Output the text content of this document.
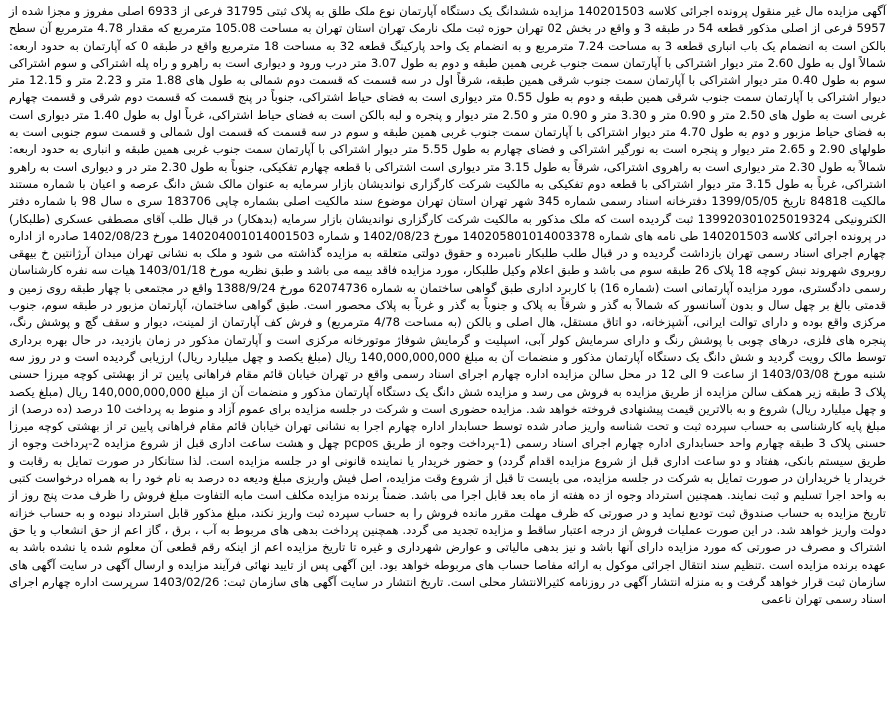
آگهی مزایده مال غیر منقول پرونده اجرائی کلاسه 140201503 مزایده ششدانگ یک دستگاه آپارتمان نوع ملک طلق به پلاک ثبتی 31795 فرعی از 6933 اصلی مفروز و مجزا شده از 5957 فرعی از اصلی مذکور قطعه 54 در طبقه 3 و واقع در بخش 02 تهران حوزه ثبت ملک نارمک تهران استان تهران به مساحت 105.08 مترمربع که مقدار 4.78 مترمربع آن سطح بالکن است به انضمام یک باب انباری قطعه 3 به مساحت 7.24 مترمربع و به انضمام یک واحد پارکینگ قطعه 32 به مساحت 18 مترمربع واقع در طبقه 0 که آپارتمان به حدود اربعه: شمالاً اول به طول 2.60 متر دیوار اشتراکی با آپارتمان سمت جنوب غربی همین طبقه و دوم به طول 3.07 متر درب ورود و دیواری است به راهرو و راه پله اشتراکی و سوم اشتراکی سوم به طول 0.40 متر دیوار اشتراکی با آپارتمان سمت جنوب شرقی همین طبقه، شرقاً اول در سه قسمت که قسمت دوم شمالی به طول های 1.88 متر و 2.23 متر و 12.15 متر دیوار اشتراکی با آپارتمان سمت جنوب شرقی همین طبقه و دوم به طول 0.55 متر دیواری است به فضای حیاط اشتراکی، جنوباً در پنج قسمت که قسمت دوم شرقی و قسمت چهارم غربی است به طول های 2.50 متر و 0.90 متر و 3.30 متر و 0.90 متر و 2.50 متر دیوار و پنجره و لبه بالکن است به فضای حیاط اشتراکی، غرباً اول به طول 1.40 متر دیواری است به فضای حیاط مزبور و دوم به طول 4.70 متر دیوار اشتراکی با آپارتمان سمت جنوب غربی همین طبقه و سوم در سه قسمت که قسمت اول شمالی و قسمت سوم جنوبی است به طولهای 2.90 و 2.65 متر دیوار و پنجره است به نورگیر اشتراکی و فضای چهارم به طول 5.55 متر دیوار اشتراکی با آپارتمان سمت جنوب غربی همین طبقه و انباری به حدود اربعه: شمالاً به طول 2.30 متر دیواری است به راهروی اشتراکی، شرقاً به طول 3.15 متر دیواری است اشتراکی با قطعه چهارم تفکیکی، جنوباً به طول 2.30 متر در و دیواری است به راهرو اشتراکی، غرباً به طول 3.15 متر دیوار اشتراکی با قطعه دوم تفکیکی به مالکیت شرکت کارگزاری نواندیشان بازار سرمایه به عنوان مالک شش دانگ عرصه و اعیان با شماره مستند مالکیت 84818 تاریخ 1399/05/05 دفترخانه اسناد رسمی شماره 345 شهر تهران استان تهران موضوع سند مالکیت اصلی بشماره چاپی 183706 سری ه سال 98 با شماره دفتر الکترونیکی 139920301025019324 ثبت گردیده است که ملک مذکور به مالکیت شرکت کارگزاری نواندیشان بازار سرمایه (بدهکار) در قبال طلب آقای مصطفی عسکری (طلبکار) در پرونده اجرائی کلاسه 140201503 طی نامه های شماره 140205801014003378 مورخ 1402/08/23 و شماره 140204001014001503 مورخ 1402/08/23 صادره از اداره چهارم اجرای اسناد رسمی تهران بازداشت گردیده و در قبال طلب طلبکار نامبرده و حقوق دولتی متعلقه به مزایده گذاشته می شود و ملک به نشانی تهران میدان آرژانتین خ بیهقی روبروی شهروند نبش کوچه 18 پلاک 26 طبقه سوم می باشد و طبق اعلام وکیل طلبکار، مورد مزایده فاقد بیمه می باشد و طبق نظریه مورخ 1403/01/18 هیات سه نفره کارشناسان رسمی دادگستری، مورد مزایده آپارتمانی است (شماره 16) با کاربرد اداری طبق گواهی ساختمان به شماره 62074736 مورخ 1388/9/24 واقع در مجتمعی با چهار طبقه روی زمین و قدمتی بالغ بر چهل سال و بدون آسانسور که شمالاً به گذر و شرقاً به پلاک و جنوباً به گذر و غرباً به پلاک محصور است. طبق گواهی ساختمان، آپارتمان مزبور در طبقه سوم، جنوب مرکزی واقع بوده و دارای توالت ایرانی، آشپزخانه، دو اتاق مستقل، هال اصلی و بالکن (به مساحت 4/78 مترمربع) و فرش کف آپارتمان از لمینت، دیوار و سقف گچ و پوشش رنگ، پنجره های فلزی، درهای چوبی با پوشش رنگ و دارای سرمایش کولر آبی، اسپلیت و گرمایش شوفاژ موتورخانه مرکزی است و آپارتمان مذکور در زمان بازدید، در حال بهره برداری توسط مالک رویت گردید و شش دانگ یک دستگاه آپارتمان مذکور و منضمات آن به مبلغ 140,000,000,000 ریال (مبلغ یکصد و چهل میلیارد ریال) ارزیابی گردیده است و در روز سه شنبه مورخ 1403/03/08 از ساعت 9 الی 12 در محل سالن مزایده اداره چهارم اجرای اسناد رسمی واقع در تهران خیابان قائم مقام فراهانی پایین تر از بهشتی کوچه میرزا حسنی پلاک 3 طبقه زیر همکف سالن مزایده از طریق مزایده به فروش می رسد و مزایده شش دانگ یک دستگاه آپارتمان مذکور و منضمات آن از مبلغ 140,000,000,000 ریال (مبلغ یکصد و چهل میلیارد ریال) شروع و به بالاترین قیمت پیشنهادی فروخته خواهد شد. مزایده حضوری است و شرکت در جلسه مزایده برای عموم آزاد و منوط به پرداخت 10 درصد (ده درصد) از مبلغ پایه کارشناسی به حساب سپرده ثبت و تحت شناسه واریز صادر شده توسط حسابدار اداره چهارم اجرا به نشانی تهران خیابان قائم مقام فراهانی پایین تر از بهشتی کوچه میرزا حسنی پلاک 3 طبقه چهارم واحد حسابداری اداره چهارم اجرای اسناد رسمی (1-پرداخت وجوه از طریق pcpos چهل و هشت ساعت اداری قبل از شروع مزایده 2-پرداخت وجوه از طریق سیستم بانکی، هفتاد و دو ساعت اداری قبل از شروع مزایده اقدام گردد) و حضور خریدار یا نماینده قانونی او در جلسه مزایده است. لذا ستانکار در صورت تمایل به رقابت و خریدار یا خریداران در صورت تمایل به شرکت در جلسه مزایده، می بایست تا قبل از شروع وقت مزایده، اصل فیش واریزی مبلغ ودیعه ده درصد به نام خود را به همراه درخواست کتبی به واحد اجرا تسلیم و ثبت نمایند. همچنین استرداد وجوه از ده هفته از ماه بعد قابل اجرا می باشد. ضمناً برنده مزایده مکلف است مابه التفاوت مبلغ فروش را ظرف مدت پنج روز از تاریخ مزایده به حساب صندوق ثبت تودیع نماید و در صورتی که ظرف مهلت مقرر مانده فروش را به حساب سپرده ثبت واریز نکند، مبلغ مذکور قابل استرداد نبوده و به حساب خزانه دولت واریز خواهد شد. در این صورت عملیات فروش از درجه اعتبار ساقط و مزایده تجدید می گردد. همچنین پرداخت بدهی های مربوط به آب ، برق ، گاز اعم از حق انشعاب و یا حق اشتراک و مصرف در صورتی که مورد مزایده دارای آنها باشد و نیز بدهی مالیاتی و عوارض شهرداری و غیره تا تاریخ مزایده اعم از اینکه رقم قطعی آن معلوم شده یا نشده باشد به عهده برنده مزایده است .تنظیم سند انتقال اجرائی موکول به ارائه مفاصا حساب های مربوطه خواهد بود. این آگهی پس از تایید نهائی فرآیند مزایده و ارسال آگهی در سایت آگهی های سازمان ثبت قرار خواهد گرفت و به منزله انتشار آگهی در روزنامه کثیرالانتشار محلی است. تاریخ انتشار در سایت آگهی های سازمان ثبت: 1403/02/26 سرپرست اداره چهارم اجرای اسناد رسمی تهران ناعمی
